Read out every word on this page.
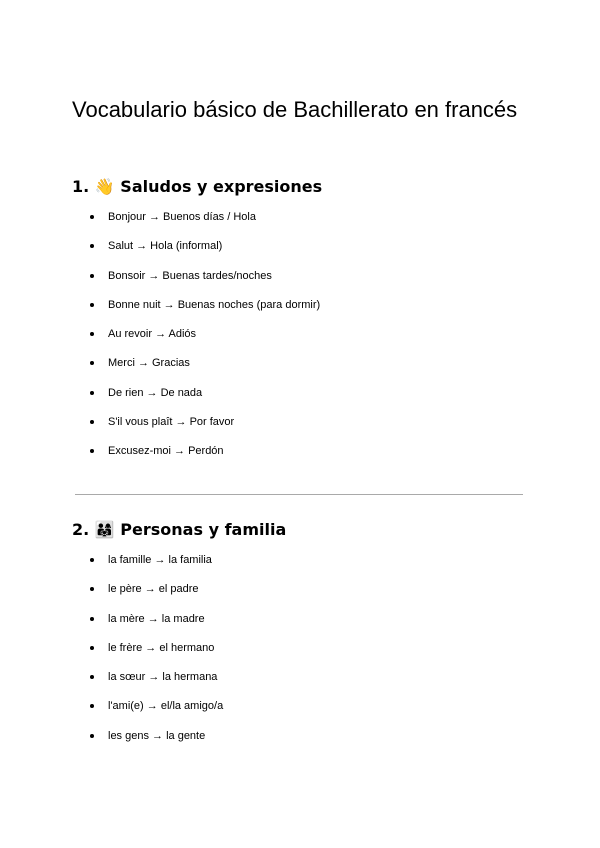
Vocabulario básico de Bachillerato en francés
1. 👋 Saludos y expresiones
Bonjour → Buenos días / Hola
Salut → Hola (informal)
Bonsoir → Buenas tardes/noches
Bonne nuit → Buenas noches (para dormir)
Au revoir → Adiós
Merci → Gracias
De rien → De nada
S'il vous plaît → Por favor
Excusez-moi → Perdón
2. 👨‍👩‍👧 Personas y familia
la famille → la familia
le père → el padre
la mère → la madre
le frère → el hermano
la sœur → la hermana
l'ami(e) → el/la amigo/a
les gens → la gente
